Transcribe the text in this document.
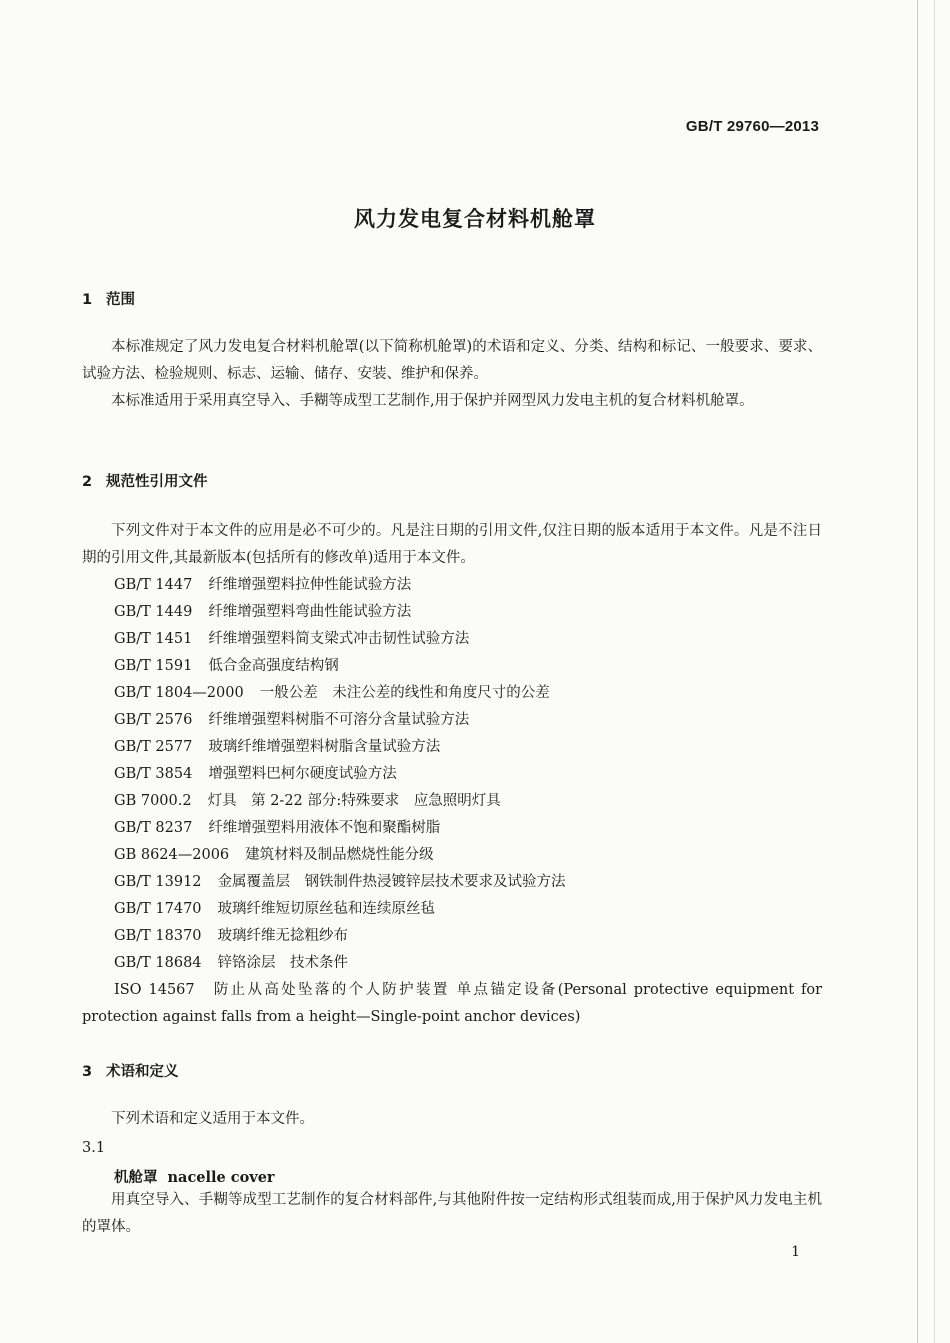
GB/T 29760—2013
风力发电复合材料机舱罩
1 范围
本标准规定了风力发电复合材料机舱罩(以下简称机舱罩)的术语和定义、分类、结构和标记、一般要求、要求、试验方法、检验规则、标志、运输、储存、安装、维护和保养。
本标准适用于采用真空导入、手糊等成型工艺制作,用于保护并网型风力发电主机的复合材料机舱罩。
2 规范性引用文件
下列文件对于本文件的应用是必不可少的。凡是注日期的引用文件,仅注日期的版本适用于本文件。凡是不注日期的引用文件,其最新版本(包括所有的修改单)适用于本文件。
GB/T 1447 纤维增强塑料拉伸性能试验方法
GB/T 1449 纤维增强塑料弯曲性能试验方法
GB/T 1451 纤维增强塑料简支梁式冲击韧性试验方法
GB/T 1591 低合金高强度结构钢
GB/T 1804—2000 一般公差　未注公差的线性和角度尺寸的公差
GB/T 2576 纤维增强塑料树脂不可溶分含量试验方法
GB/T 2577 玻璃纤维增强塑料树脂含量试验方法
GB/T 3854 增强塑料巴柯尔硬度试验方法
GB 7000.2 灯具　第 2-22 部分:特殊要求　应急照明灯具
GB/T 8237 纤维增强塑料用液体不饱和聚酯树脂
GB 8624—2006 建筑材料及制品燃烧性能分级
GB/T 13912 金属覆盖层　钢铁制件热浸镀锌层技术要求及试验方法
GB/T 17470 玻璃纤维短切原丝毡和连续原丝毡
GB/T 18370 玻璃纤维无捻粗纱布
GB/T 18684 锌铬涂层　技术条件
ISO 14567　防止从高处坠落的个人防护装置 单点锚定设备(Personal protective equipment for protection against falls from a height—Single-point anchor devices)
3 术语和定义
下列术语和定义适用于本文件。
3.1
机舱罩 nacelle cover
用真空导入、手糊等成型工艺制作的复合材料部件,与其他附件按一定结构形式组装而成,用于保护风力发电主机的罩体。
1
